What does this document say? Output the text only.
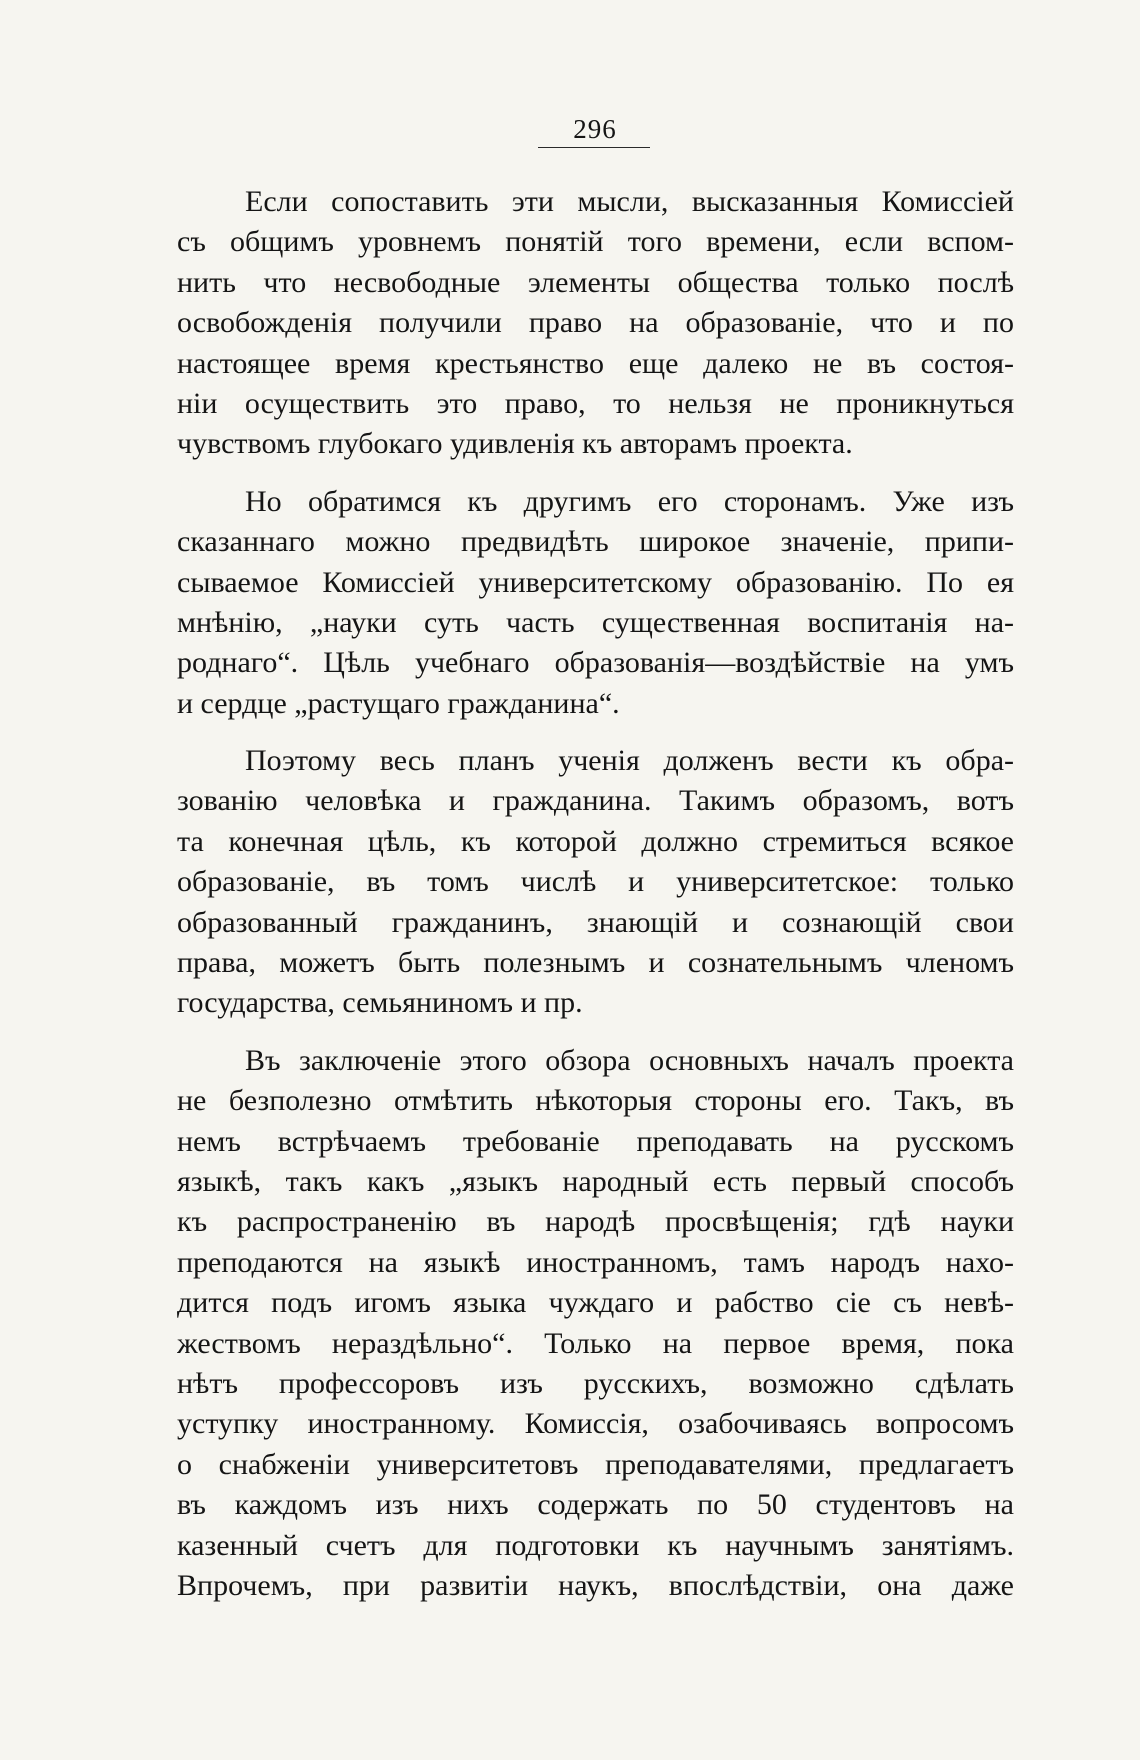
296
Если сопоставить эти мысли, высказанныя Комиссіей
съ общимъ уровнемъ понятій того времени, если вспом-
нить что несвободные элементы общества только послѣ
освобожденія получили право на образованіе, что и по
настоящее время крестьянство еще далеко не въ состоя-
ніи осуществить это право, то нельзя не проникнуться
чувствомъ глубокаго удивленія къ авторамъ проекта.
Но обратимся къ другимъ его сторонамъ. Уже изъ
сказаннаго можно предвидѣть широкое значеніе, припи-
сываемое Комиссіей университетскому образованію. По ея
мнѣнію, „науки суть часть существенная воспитанія на-
роднаго“. Цѣль учебнаго образованія—воздѣйствіе на умъ
и сердце „растущаго гражданина“.
Поэтому весь планъ ученія долженъ вести къ обра-
зованію человѣка и гражданина. Такимъ образомъ, вотъ
та конечная цѣль, къ которой должно стремиться всякое
образованіе, въ томъ числѣ и университетское: только
образованный гражданинъ, знающій и сознающій свои
права, можетъ быть полезнымъ и сознательнымъ членомъ
государства, семьяниномъ и пр.
Въ заключеніе этого обзора основныхъ началъ проекта
не безполезно отмѣтить нѣкоторыя стороны его. Такъ, въ
немъ встрѣчаемъ требованіе преподавать на русскомъ
языкѣ, такъ какъ „языкъ народный есть первый способъ
къ распространенію въ народѣ просвѣщенія; гдѣ науки
преподаются на языкѣ иностранномъ, тамъ народъ нахо-
дится подъ игомъ языка чуждаго и рабство сіе съ невѣ-
жествомъ нераздѣльно“. Только на первое время, пока
нѣтъ профессоровъ изъ русскихъ, возможно сдѣлать
уступку иностранному. Комиссія, озабочиваясь вопросомъ
о снабженіи университетовъ преподавателями, предлагаетъ
въ каждомъ изъ нихъ содержать по 50 студентовъ на
казенный счетъ для подготовки къ научнымъ занятіямъ.
Впрочемъ, при развитіи наукъ, впослѣдствіи, она даже
